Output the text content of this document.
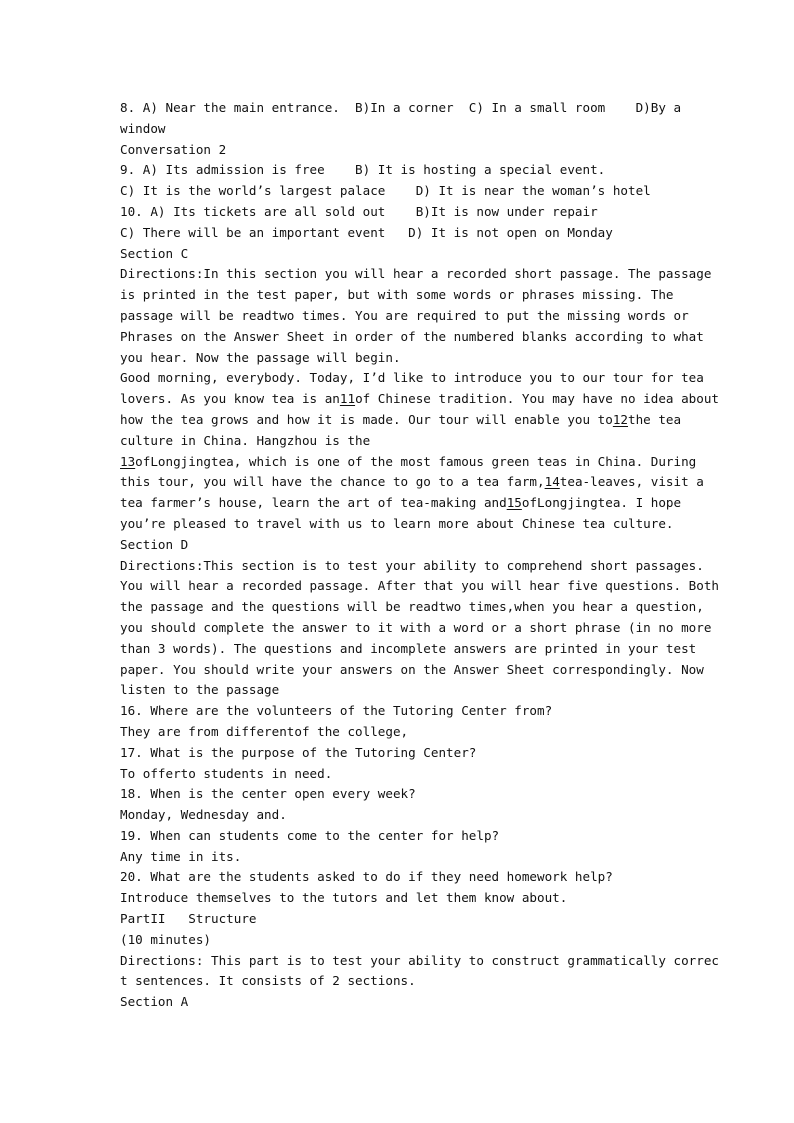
8. A) Near the main entrance.  B)In a corner  C) In a small room    D)By a
window
Conversation 2
9. A) Its admission is free    B) It is hosting a special event.
C) It is the world’s largest palace    D) It is near the woman’s hotel
10. A) Its tickets are all sold out    B)It is now under repair
C) There will be an important event   D) It is not open on Monday
Section C
Directions:In this section you will hear a recorded short passage. The passage
is printed in the test paper, but with some words or phrases missing. The
passage will be readtwo times. You are required to put the missing words or
Phrases on the Answer Sheet in order of the numbered blanks according to what
you hear. Now the passage will begin.
Good morning, everybody. Today, I’d like to introduce you to our tour for tea
lovers. As you know tea is an11of Chinese tradition. You may have no idea about
how the tea grows and how it is made. Our tour will enable you to12the tea
culture in China. Hangzhou is the
13ofLongjingtea, which is one of the most famous green teas in China. During
this tour, you will have the chance to go to a tea farm,14tea-leaves, visit a
tea farmer’s house, learn the art of tea-making and15ofLongjingtea. I hope
you’re pleased to travel with us to learn more about Chinese tea culture.
Section D
Directions:This section is to test your ability to comprehend short passages.
You will hear a recorded passage. After that you will hear five questions. Both
the passage and the questions will be readtwo times,when you hear a question,
you should complete the answer to it with a word or a short phrase (in no more
than 3 words). The questions and incomplete answers are printed in your test
paper. You should write your answers on the Answer Sheet correspondingly. Now
listen to the passage
16. Where are the volunteers of the Tutoring Center from?
They are from differentof the college,
17. What is the purpose of the Tutoring Center?
To offerto students in need.
18. When is the center open every week?
Monday, Wednesday and.
19. When can students come to the center for help?
Any time in its.
20. What are the students asked to do if they need homework help?
Introduce themselves to the tutors and let them know about.
PartII   Structure
(10 minutes)
Directions: This part is to test your ability to construct grammatically correc
t sentences. It consists of 2 sections.
Section A
